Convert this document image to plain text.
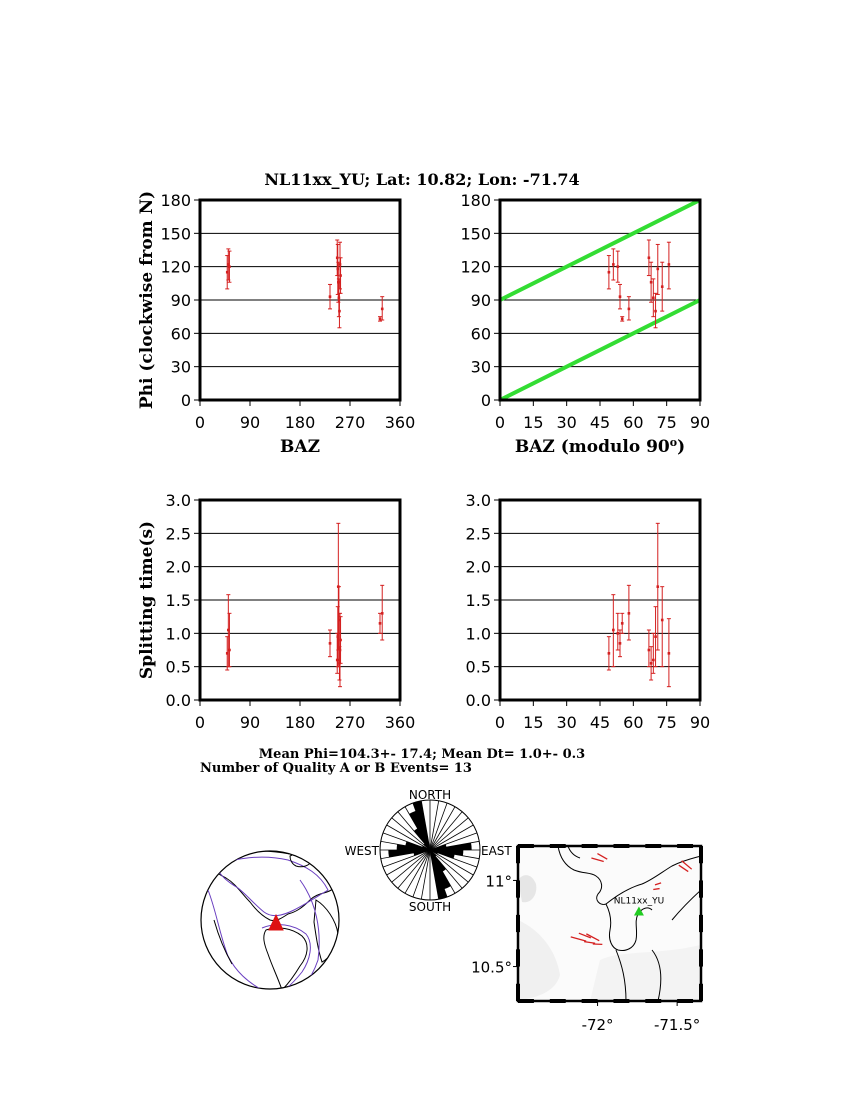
NL11xx_YU; Lat: 10.82; Lon: -71.74
0
30
60
90
120
150
180
0 90 180 270 360
BAZ
Phi (clockwise from N)	0
30
60
90
120
150
180
0 15 30 45 60 75 90
BAZ (modulo 90$^o$)
0.0
0.5
1.0
1.5
2.0
2.5
3.0
0 90 180 270 360
Splitting time(s)
0.0
0.5
1.0
1.5
2.0
2.5
3.0
0 15 30 45 60 75 90
Mean Phi=104.3+- 17.4; Mean Dt= 1.0+- 0.3
Number of Quality A or B Events= 13
NORTH
SOUTH
WEST	EAST
NL11xx_YU
11°
10.5°
-72°	-71.5°
